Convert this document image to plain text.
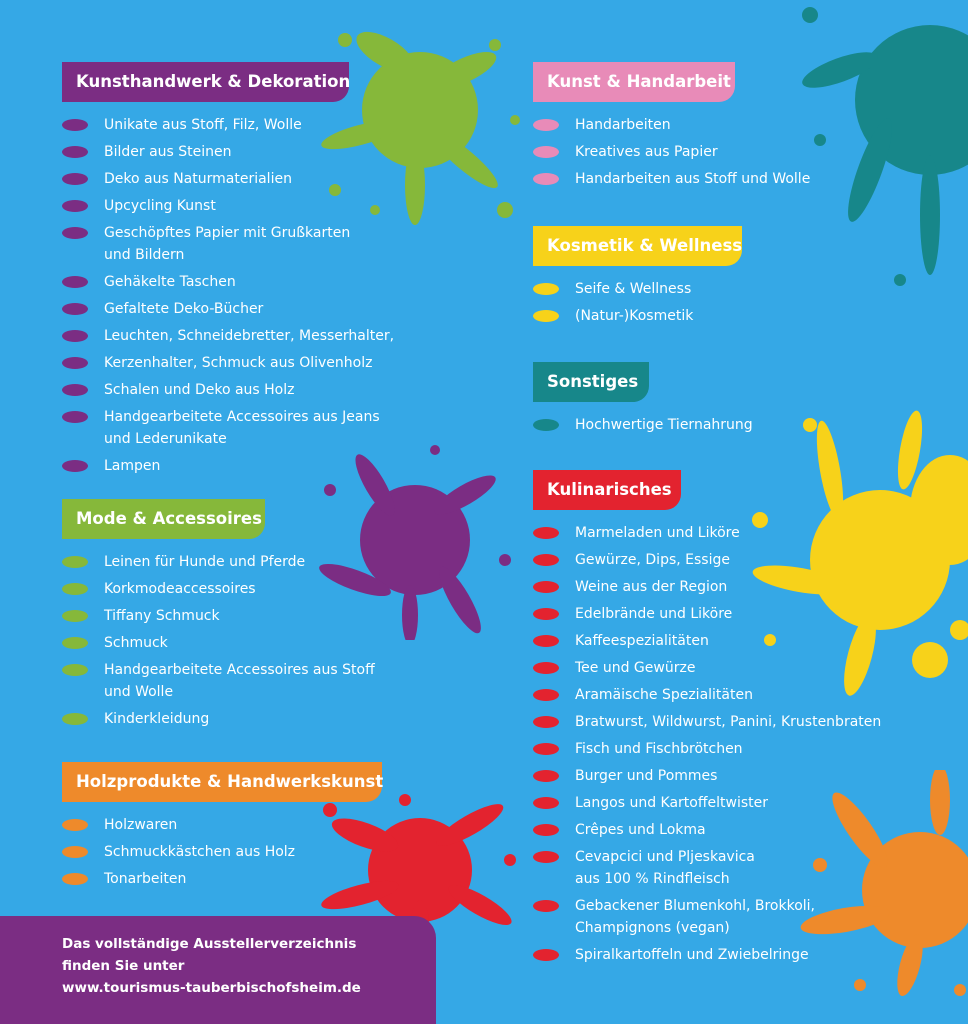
Kunsthandwerk & Dekoration
Unikate aus Stoff, Filz, Wolle
Bilder aus Steinen
Deko aus Naturmaterialien
Upcycling Kunst
Geschöpftes Papier mit Grußkarten
und Bildern
Gehäkelte Taschen
Gefaltete Deko-Bücher
Leuchten, Schneidebretter, Messerhalter,
Kerzenhalter, Schmuck aus Olivenholz
Schalen und Deko aus Holz
Handgearbeitete Accessoires aus Jeans
und Lederunikate
Lampen
Mode & Accessoires
Leinen für Hunde und Pferde
Korkmodeaccessoires
Tiffany Schmuck
Schmuck
Handgearbeitete Accessoires aus Stoff
und Wolle
Kinderkleidung
Holzprodukte & Handwerkskunst
Holzwaren
Schmuckkästchen aus Holz
Tonarbeiten
Kunst & Handarbeit
Handarbeiten
Kreatives aus Papier
Handarbeiten aus Stoff und Wolle
Kosmetik & Wellness
Seife & Wellness
(Natur-)Kosmetik
Sonstiges
Hochwertige Tiernahrung
Kulinarisches
Marmeladen und Liköre
Gewürze, Dips, Essige
Weine aus der Region
Edelbrände und Liköre
Kaffeespezialitäten
Tee und Gewürze
Aramäische Spezialitäten
Bratwurst, Wildwurst, Panini, Krustenbraten
Fisch und Fischbrötchen
Burger und Pommes
Langos und Kartoffeltwister
Crêpes und Lokma
Cevapcici und Pljeskavica
aus 100 % Rindfleisch
Gebackener Blumenkohl, Brokkoli,
Champignons (vegan)
Spiralkartoffeln und Zwiebelringe

Das vollständige Ausstellerverzeichnis
finden Sie unter
www.tourismus-tauberbischofsheim.de
